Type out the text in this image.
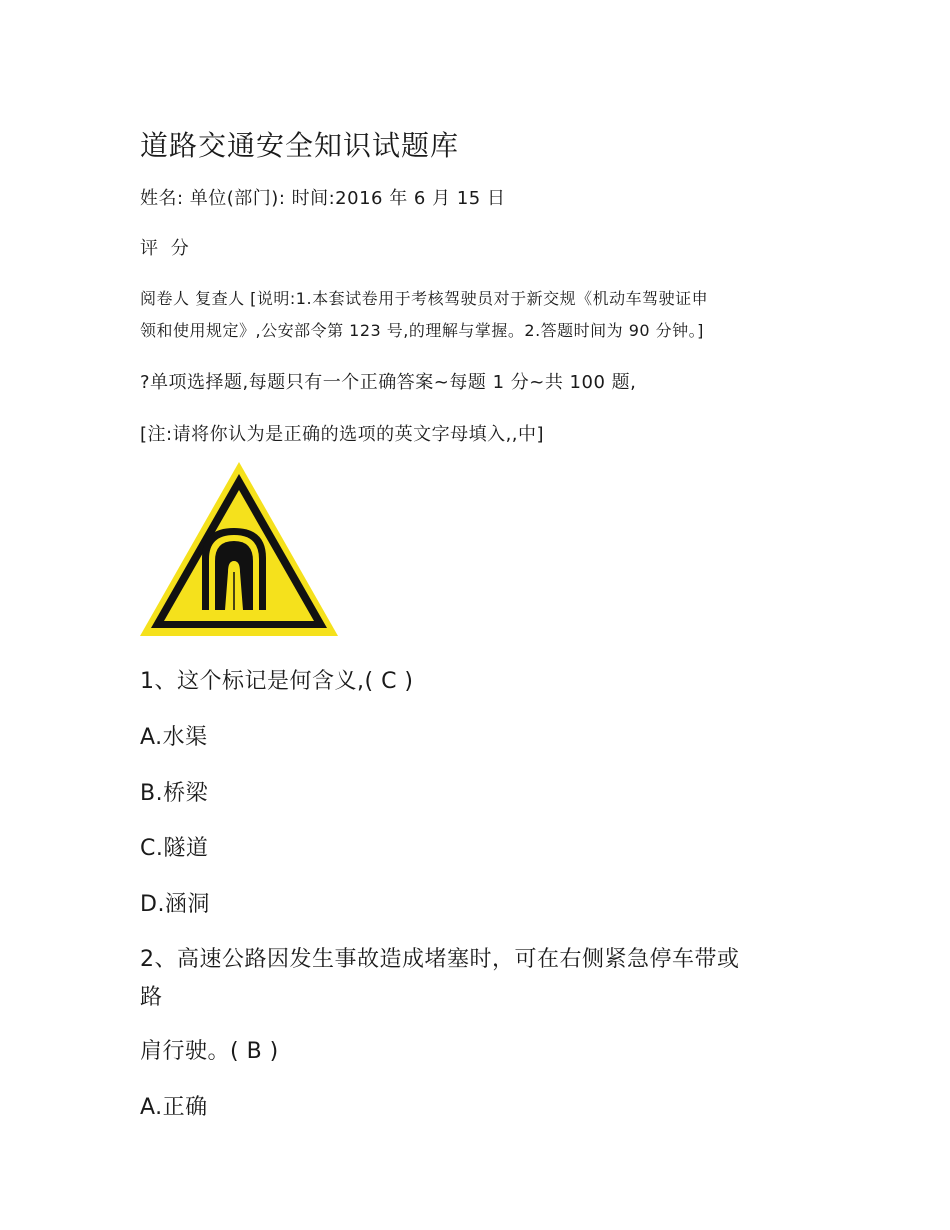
道路交通安全知识试题库
姓名: 单位(部门): 时间:2016 年 6 月 15 日
评 分
阅卷人 复查人 [说明:1.本套试卷用于考核驾驶员对于新交规《机动车驾驶证申
领和使用规定》,公安部令第 123 号,的理解与掌握。2.答题时间为 90 分钟。]
?单项选择题,每题只有一个正确答案~每题 1 分~共 100 题,
[注:请将你认为是正确的选项的英文字母填入,,中]
1、这个标记是何含义,( C )
A.水渠
B.桥梁
C.隧道
D.涵洞
2、高速公路因发生事故造成堵塞时，可在右侧紧急停车带或
路
肩行驶。( B )
A.正确
